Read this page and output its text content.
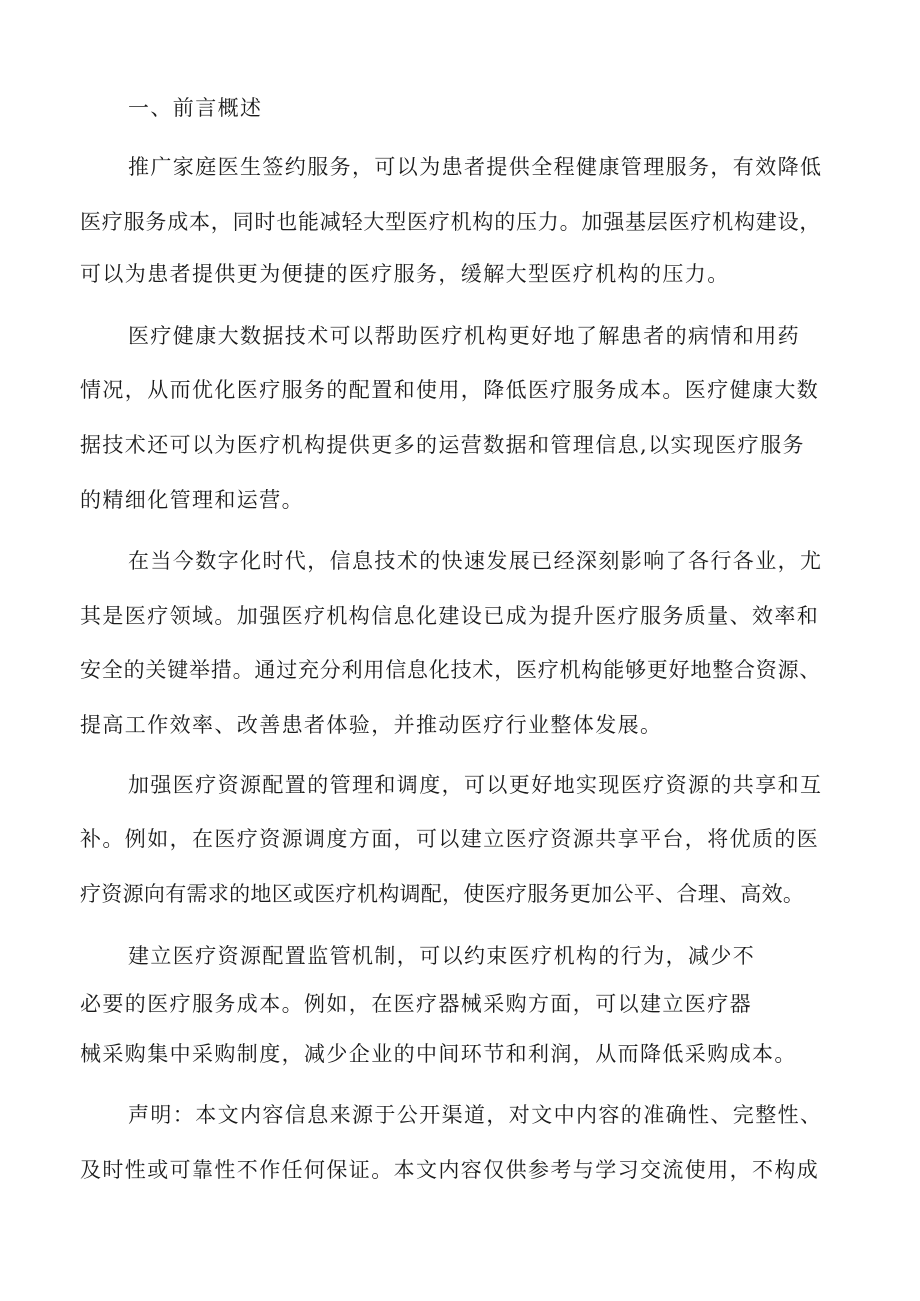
一、前言概述
推广家庭医生签约服务，可以为患者提供全程健康管理服务，有效降低
医疗服务成本，同时也能减轻大型医疗机构的压力。加强基层医疗机构建设，
可以为患者提供更为便捷的医疗服务，缓解大型医疗机构的压力。
医疗健康大数据技术可以帮助医疗机构更好地了解患者的病情和用药
情况，从而优化医疗服务的配置和使用，降低医疗服务成本。医疗健康大数
据技术还可以为医疗机构提供更多的运营数据和管理信息,以实现医疗服务
的精细化管理和运营。
在当今数字化时代，信息技术的快速发展已经深刻影响了各行各业，尤
其是医疗领域。加强医疗机构信息化建设已成为提升医疗服务质量、效率和
安全的关键举措。通过充分利用信息化技术，医疗机构能够更好地整合资源、
提高工作效率、改善患者体验，并推动医疗行业整体发展。
加强医疗资源配置的管理和调度，可以更好地实现医疗资源的共享和互
补。例如，在医疗资源调度方面，可以建立医疗资源共享平台，将优质的医
疗资源向有需求的地区或医疗机构调配，使医疗服务更加公平、合理、高效。
建立医疗资源配置监管机制，可以约束医疗机构的行为，减少不
必要的医疗服务成本。例如，在医疗器械采购方面，可以建立医疗器
械采购集中采购制度，减少企业的中间环节和利润，从而降低采购成本。
声明：本文内容信息来源于公开渠道，对文中内容的准确性、完整性、
及时性或可靠性不作任何保证。本文内容仅供参考与学习交流使用，不构成
